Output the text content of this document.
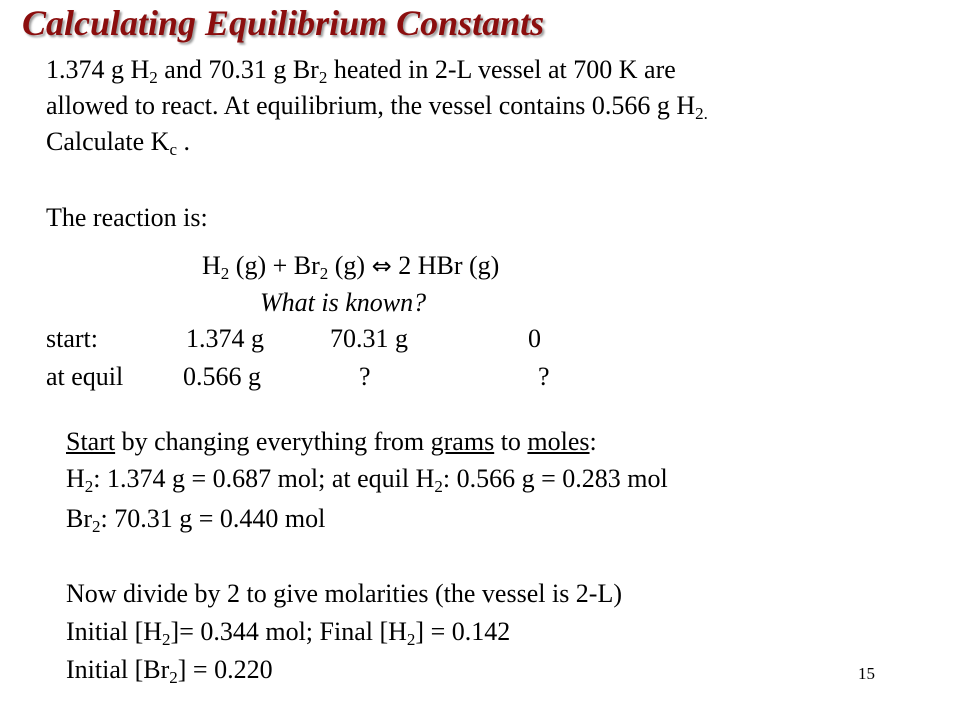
Calculating Equilibrium Constants
1.374 g $H_2$ and 70.31 g $Br_2$ heated in 2-L vessel at 700 K are
allowed to react. At equilibrium, the vessel contains 0.566 g $H_{2.}$
Calculate $K_c$ .
The reaction is:
$H_2$ $(g) + Br_2$ (g) ⇔ 2 HBr (g)
What is known?
start:	1.374 g	70.31 g	0
at equil 0.566 g	?	?
Start by changing everything from grams to moles:
$H_2$: 1.374 g = 0.687 mol; at equil $H_2$: 0.566 g = 0.283 mol
$Br_2$: 70.31 g = 0.440 mol
Now divide by 2 to give molarities (the vessel is 2-L)
Initial $[H_2]= 0.344$ mol; Final $[H_2] = 0.142$
Initial $[Br_2] = 0.220$	15
